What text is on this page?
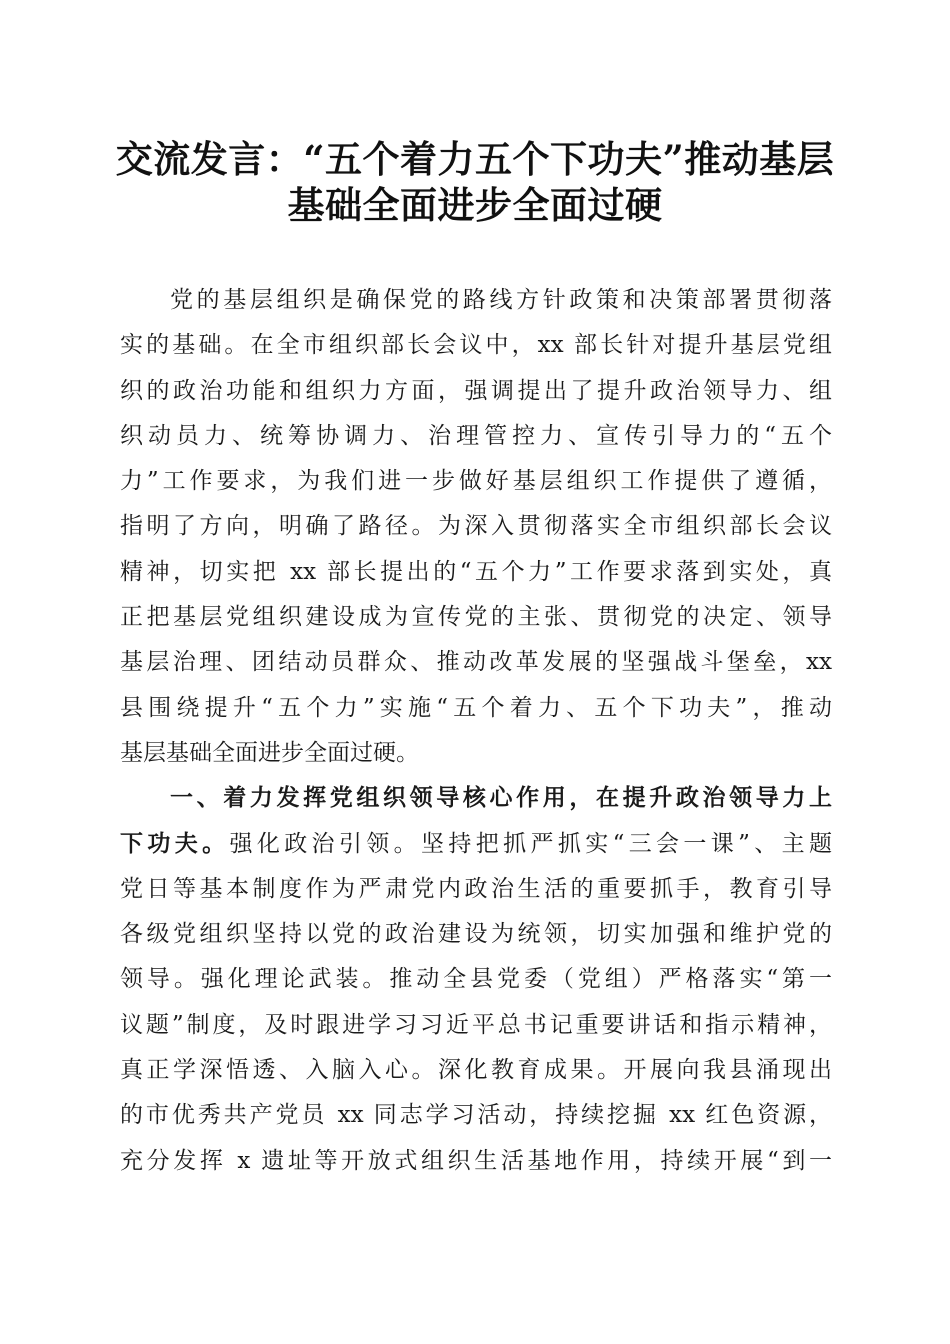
交流发言：“五个着力五个下功夫”推动基层
基础全面进步全面过硬
党的基层组织是确保党的路线方针政策和决策部署贯彻落
实的基础。在全市组织部长会议中，xx 部长针对提升基层党组
织的政治功能和组织力方面，强调提出了提升政治领导力、组
织动员力、统筹协调力、治理管控力、宣传引导力的“五个
力”工作要求，为我们进一步做好基层组织工作提供了遵循，
指明了方向，明确了路径。为深入贯彻落实全市组织部长会议
精神，切实把 xx 部长提出的“五个力”工作要求落到实处，真
正把基层党组织建设成为宣传党的主张、贯彻党的决定、领导
基层治理、团结动员群众、推动改革发展的坚强战斗堡垒，xx
县围绕提升“五个力”实施“五个着力、五个下功夫”，推动
基层基础全面进步全面过硬。
一、着力发挥党组织领导核心作用，在提升政治领导力上
下功夫。强化政治引领。坚持把抓严抓实“三会一课”、主题
党日等基本制度作为严肃党内政治生活的重要抓手，教育引导
各级党组织坚持以党的政治建设为统领，切实加强和维护党的
领导。强化理论武装。推动全县党委（党组）严格落实“第一
议题”制度，及时跟进学习习近平总书记重要讲话和指示精神，
真正学深悟透、入脑入心。深化教育成果。开展向我县涌现出
的市优秀共产党员 xx 同志学习活动，持续挖掘 xx 红色资源，
充分发挥 x 遗址等开放式组织生活基地作用，持续开展“到一
